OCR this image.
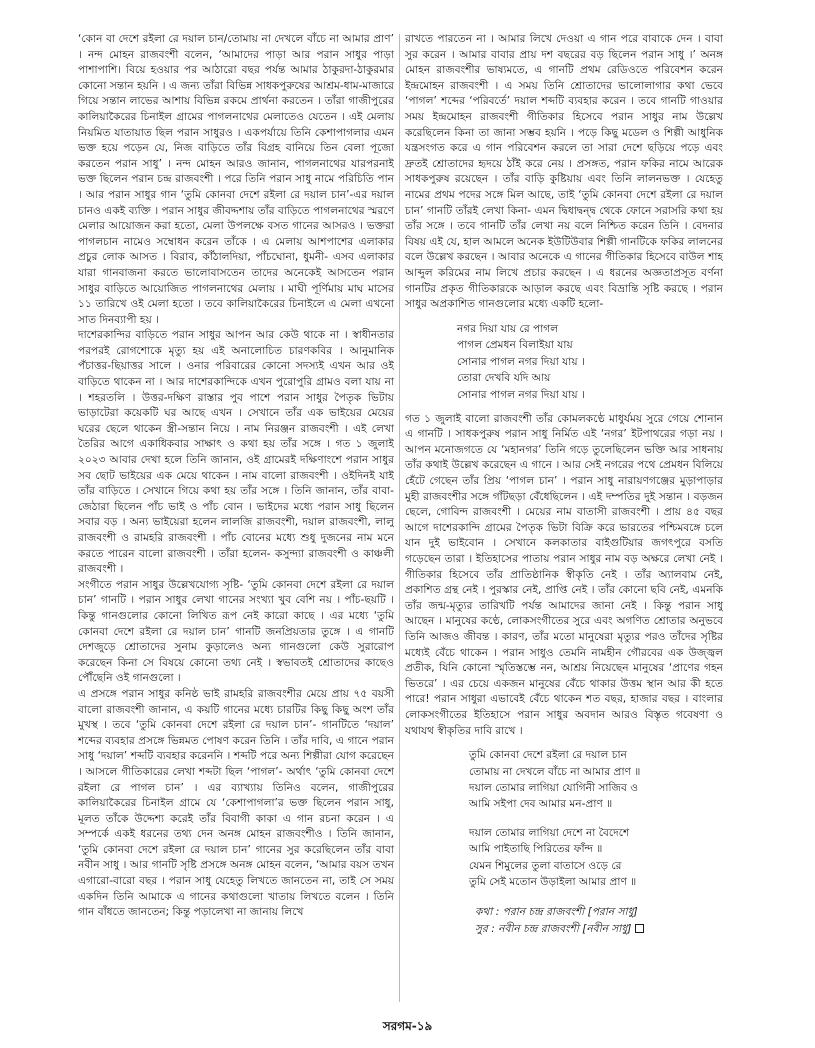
‘কোন বা দেশে রইলা রে দয়াল চান/তোমায় না দেখলে বাঁচে না আমার প্রাণ’ । নন্দ মোহন রাজবংশী বলেন, ‘আমাদের পাড়া আর পরান সাধুর পাড়া পাশাপাশি। বিয়ে হওয়ার পর আঠারো বছর পর্যন্ত আমার ঠাকুরদা-ঠাকুরমার কোনো সন্তান হয়নি । এ জন্য তাঁরা বিভিন্ন সাধকপুরুষের আশ্রম-ধাম-মাজারে গিয়ে সন্তান লাভের আশায় বিভিন্ন রকমে প্রার্থনা করতেন । তাঁরা গাজীপুরের কালিয়াকৈরের চিনাইল গ্রামের পাগলনাথের মেলাতেও যেতেন । এই মেলায় নিয়মিত যাতায়াত ছিল পরান সাধুরও । একপর্যায়ে তিনি কেশাপাগলার এমন ভক্ত হয়ে পড়েন যে, নিজ বাড়িতে তাঁর বিগ্রহ বানিয়ে তিন বেলা পূজো করতেন পরান সাধু’ । নন্দ মোহন আরও জানান, পাগলনাথের যারপরনাই ভক্ত ছিলেন পরান চন্দ্র রাজবংশী । পরে তিনি পরান সাধু নামে পরিচিতি পান । আর পরান সাধুর গান ‘তুমি কোনবা দেশে রইলা রে দয়াল চান’-এর দয়াল চানও একই ব্যক্তি । পরান সাধুর জীবদ্দশায় তাঁর বাড়িতে পাগলনাথের স্মরণে মেলার আয়োজন করা হতো, মেলা উপলক্ষে বসত গানের আসরও । ভক্তরা পাগলচান নামেও সম্বোধন করেন তাঁকে । এ মেলায় আশপাশের এলাকার প্রচুর লোক আসত । বিরাব, কাঁঠালদিয়া, পাঁচঘোনা, ধুমনী- এসব এলাকার যারা গানবাজনা করতে ভালোবাসতেন তাদের অনেকেই আসতেন পরান সাধুর বাড়িতে আয়োজিত পাগলনাথের মেলায় । মাঘী পূর্ণিমায় মাঘ মাসের ১১ তারিখে ওই মেলা হতো । তবে কালিয়াকৈরের চিনাইলে এ মেলা এখনো সাত দিনব্যাপী হয় ।

দাশেরকান্দির বাড়িতে পরান সাধুর আপন আর কেউ থাকে না । স্বাধীনতার পরপরই রোগশোকে মৃত্যু হয় এই অনালোচিত চারণকবির । আনুমানিক পঁচাত্তর-ছিয়াত্তর সালে । ওনার পরিবারের কোনো সদস্যই এখন আর ওই বাড়িতে থাকেন না । আর দাশেরকান্দিকে এখন পুরোপুরি গ্রামও বলা যায় না । শহরতলি । উত্তর-দক্ষিণ রাস্তার পুব পাশে পরান সাধুর পৈতৃক ভিটায় ভাড়াটেরা কয়েকটি ঘর আছে এখন । সেখানে তাঁর এক ভাইয়ের মেয়ের ঘরের ছেলে থাকেন স্ত্রী-সন্তান নিয়ে । নাম নিরঞ্জন রাজবংশী । এই লেখা তৈরির আগে একাধিকবার সাক্ষাৎ ও কথা হয় তাঁর সঙ্গে । গত ১ জুলাই ২০২৩ আবার দেখা হলে তিনি জানান, ওই গ্রামেরই দক্ষিণাংশে পরান সাধুর সব ছোট ভাইয়ের এক মেয়ে থাকেন । নাম বালো রাজবংশী । ওইদিনই যাই তাঁর বাড়িতে । সেখানে গিয়ে কথা হয় তাঁর সঙ্গে । তিনি জানান, তাঁর বাবা-জেঠারা ছিলেন পাঁচ ভাই ও পাঁচ বোন । ভাইদের মধ্যে পরান সাধু ছিলেন সবার বড় । অন্য ভাইয়েরা হলেন লালজি রাজবংশী, দয়াল রাজবংশী, লালু রাজবংশী ও রামহরি রাজবংশী । পাঁচ বোনের মধ্যে শুধু দুজনের নাম মনে করতে পারেন বালো রাজবংশী । তাঁরা হলেন- কসুন্দ্যা রাজবংশী ও কাঞ্চলী রাজবংশী ।

সংগীতে পরান সাধুর উল্লেখযোগ্য সৃষ্টি- ‘তুমি কোনবা দেশে রইলা রে দয়াল চান’ গানটি । পরান সাধুর লেখা গানের সংখ্যা খুব বেশি নয় । পাঁচ-ছয়টি । কিন্তু গানগুলোর কোনো লিখিত রূপ নেই কারো কাছে । এর মধ্যে ‘তুমি কোনবা দেশে রইলা রে দয়াল চান’ গানটি জনপ্রিয়তার তুঙ্গে । এ গানটি দেশজুড়ে শ্রোতাদের সুনাম কুড়ালেও অন্য গানগুলো কেউ সুরারোপ করেছেন কিনা সে বিষয়ে কোনো তথ্য নেই । স্বভাবতই শ্রোতাদের কাছেও পৌঁছেনি ওই গানগুলো ।

এ প্রসঙ্গে পরান সাধুর কনিষ্ঠ ভাই রামহরি রাজবংশীর মেয়ে প্রায় ৭৫ বয়সী বালো রাজবংশী জানান, এ কয়টি গানের মধ্যে চারটির কিছু কিছু অংশ তাঁর মুখস্থ । তবে ‘তুমি কোনবা দেশে রইলা রে দয়াল চান’- গানটিতে ‘দয়াল’ শব্দের ব্যবহার প্রসঙ্গে ভিন্নমত পোষণ করেন তিনি । তাঁর দাবি, এ গানে পরান সাধু ‘দয়াল’ শব্দটি ব্যবহার করেননি । শব্দটি পরে অন্য শিল্পীরা যোগ করেছেন । আসলে গীতিকারের লেখা শব্দটা ছিল ‘পাগল’- অর্থাৎ ‘তুমি কোনবা দেশে রইলা রে পাগল চান’ । এর ব্যাখ্যায় তিনিও বলেন, গাজীপুরের কালিয়াকৈরের চিনাইল গ্রামে যে ‘কেশাপাগলা’র ভক্ত ছিলেন পরান সাধু, মূলত তাঁকে উদ্দেশ্য করেই তাঁর বিবাগী কাকা এ গান রচনা করেন । এ সম্পর্কে একই ধরনের তথ্য দেন অনঙ্গ মোহন রাজবংশীও । তিনি জানান, ‘তুমি কোনবা দেশে রইলা রে দয়াল চান’ গানের সুর করেছিলেন তাঁর বাবা নবীন সাধু । আর গানটি সৃষ্টি প্রসঙ্গে অনঙ্গ মোহন বলেন, ‘আমার বয়স তখন এগারো-বারো বছর । পরান সাধু যেহেতু লিখতে জানতেন না, তাই সে সময় একদিন তিনি আমাকে এ গানের কথাগুলো খাতায় লিখতে বলেন । তিনি গান বাঁধতে জানতেন; কিন্তু পড়ালেখা না জানায় লিখে

রাখতে পারতেন না । আমার লিখে দেওয়া এ গান পরে বাবাকে দেন । বাবা সুর করেন । আমার বাবার প্রায় দশ বছরের বড় ছিলেন পরান সাধু ।’ অনঙ্গ মোহন রাজবংশীর ভাষ্যমতে, এ গানটি প্রথম রেডিওতে পরিবেশন করেন ইন্দ্রমোহন রাজবংশী । এ সময় তিনি শ্রোতাদের ভালোলাগার কথা ভেবে ‘পাগল’ শব্দের ‘পরিবর্তে’ দয়াল শব্দটি ব্যবহার করেন । তবে গানটি গাওয়ার সময় ইন্দ্রমোহন রাজবংশী গীতিকার হিসেবে পরান সাধুর নাম উল্লেখ করেছিলেন কিনা তা জানা সম্ভব হয়নি । পড়ে কিছু মডেল ও শিল্পী আধুনিক যন্ত্রসংগত করে এ গান পরিবেশন করলে তা সারা দেশে ছড়িয়ে পড়ে এবং দ্রুতই শ্রোতাদের হৃদয়ে ঠাঁই করে নেয় । প্রসঙ্গত, পরান ফকির নামে আরেক সাধকপুরুষ রয়েছেন । তাঁর বাড়ি কুষ্টিয়ায় এবং তিনি লালনভক্ত । যেহেতু নামের প্রথম পদের সঙ্গে মিল আছে, তাই ‘তুমি কোনবা দেশে রইলা রে দয়াল চান’ গানটি তাঁরই লেখা কিনা- এমন দ্বিধাদ্বন্দ্ব থেকে ফোনে সরাসরি কথা হয় তাঁর সঙ্গে । তবে গানটি তাঁর লেখা নয় বলে নিশ্চিত করেন তিনি । বেদনার বিষয় এই যে, হাল আমলে অনেক ইউটিউবার শিল্পী গানটিকে ফকির লালনের বলে উল্লেখ করছেন । আবার অনেকে এ গানের গীতিকার হিসেবে বাউল শাহ আব্দুল করিমের নাম লিখে প্রচার করছেন । এ ধরনের অজ্ঞতাপ্রসূত বর্ণনা গানটির প্রকৃত গীতিকারকে আড়াল করছে এবং বিভ্রান্তি সৃষ্টি করছে । পরান সাধুর অপ্রকাশিত গানগুলোর মধ্যে একটি হলো-

নগর দিয়া যায় রে পাগল
পাগল প্রেমধন বিলাইয়া যায়
সোনার পাগল নগর দিয়া যায় ।
তোরা দেখবি যদি আয়
সোনার পাগল নগর দিয়া যায় ।

গত ১ জুলাই বালো রাজবংশী তাঁর কোমলকণ্ঠে মাধুর্যময় সুরে গেয়ে শোনান এ গানটি । সাধকপুরুষ পরান সাধু নির্মিত এই ‘নগর’ ইটপাথরের গড়া নয় । আপন মনোজগতে যে ‘মহানগর’ তিনি গড়ে তুলেছিলেন ভক্তি আর সাধনায় তাঁর কথাই উল্লেখ করেছেন এ গানে । আর সেই নগরের পথে প্রেমধন বিলিয়ে হেঁটে গেছেন তাঁর প্রিয় ‘পাগল চান’ । পরান সাধু নারায়ণগঞ্জের মুড়াপাড়ার মুহী রাজবংশীর সঙ্গে গাঁটছড়া বেঁধেছিলেন । এই দম্পতির দুই সন্তান । বড়জন ছেলে, গোবিন্দ রাজবংশী । মেয়ের নাম বাতাসী রাজবংশী । প্রায় ৪৫ বছর আগে দাশেরকান্দি গ্রামের পৈতৃক ভিটা বিক্রি করে ভারতের পশ্চিমবঙ্গে চলে যান দুই ভাইবোন । সেখানে কলকাতার বাইগুটিয়ার জগৎপুরে বসতি গড়েছেন তারা । ইতিহাসের পাতায় পরান সাধুর নাম বড় অক্ষরে লেখা নেই । গীতিকার হিসেবে তাঁর প্রাতিষ্ঠানিক স্বীকৃতি নেই । তাঁর অ্যালবাম নেই, প্রকাশিত গ্রন্থ নেই । পুরস্কার নেই, প্রাপ্তি নেই । তাঁর কোনো ছবি নেই, এমনকি তাঁর জন্ম-মৃত্যুর তারিখটি পর্যন্ত আমাদের জানা নেই । কিন্তু পরান সাধু আছেন । মানুষের কণ্ঠে, লোকসংগীতের সুরে এবং অগণিত শ্রোতার অনুভবে তিনি আজও জীবন্ত । কারণ, তাঁর মতো মানুষেরা মৃত্যুর পরও তাঁদের সৃষ্টির মধ্যেই বেঁচে থাকেন । পরান সাধুও তেমনি নামহীন গৌরবের এক উজ্জ্বল প্রতীক, যিনি কোনো স্মৃতিস্তম্ভে নন, আশ্রয় নিয়েছেন মানুষের ‘প্রাণের গহন ভিতরে’ । এর চেয়ে একজন মানুষের বেঁচে থাকার উত্তম স্থান আর কী হতে পারে! পরান সাধুরা এভাবেই বেঁচে থাকেন শত বছর, হাজার বছর । বাংলার লোকসংগীতের ইতিহাসে পরান সাধুর অবদান আরও বিস্তৃত গবেষণা ও যথাযথ স্বীকৃতির দাবি রাখে ।

তুমি কোনবা দেশে রইলা রে দয়াল চান
তোমায় না দেখলে বাঁচে না আমার প্রাণ ॥
দয়াল তোমার লাগিয়া যোগিনী সাজিব ও
আমি সইপা দেব আমার মন-প্রাণ ॥
দয়াল তোমার লাগিয়া দেশে না বৈদেশে
আমি পাইতাছি পিরিতের ফাঁন্দ ॥
যেমন শিমুলের তুলা বাতাসে ওড়ে রে
তুমি সেই মতোন উড়াইলা আমার প্রাণ ॥
কথা : পরান চন্দ্র রাজবংশী [পরান সাধু]
সুর : নবীন চন্দ্র রাজবংশী [নবীন সাধু]
সরগম-১৯
